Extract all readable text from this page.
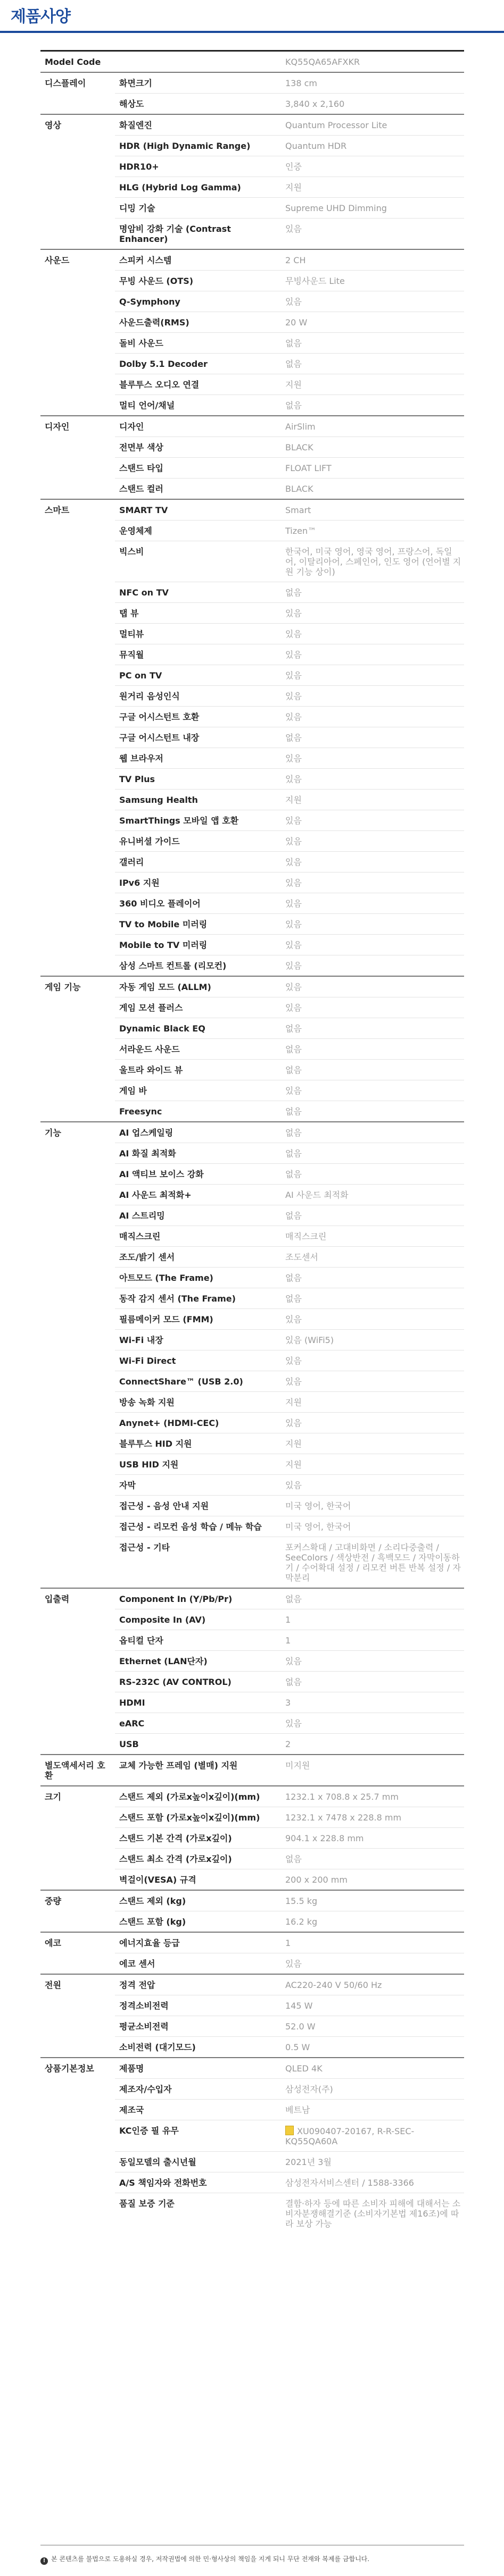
제품사양
Model Code		KQ55QA65AFXKR
디스플레이	화면크기	138 cm
	해상도	3,840 x 2,160
영상	화질엔진	Quantum Processor Lite
	HDR (High Dynamic Range)	Quantum HDR
	HDR10+	인증
	HLG (Hybrid Log Gamma)	지원
	디밍 기술	Supreme UHD Dimming
	명암비 강화 기술 (Contrast Enhancer)	있음
사운드	스피커 시스템	2 CH
	무빙 사운드 (OTS)	무빙사운드 Lite
	Q-Symphony	있음
	사운드출력(RMS)	20 W
	돌비 사운드	없음
	Dolby 5.1 Decoder	없음
	블루투스 오디오 연결	지원
	멀티 언어/채널	없음
디자인	디자인	AirSlim
	전면부 색상	BLACK
	스탠드 타입	FLOAT LIFT
	스탠드 컬러	BLACK
스마트	SMART TV	Smart
	운영체제	Tizen™
	빅스비	한국어, 미국 영어, 영국 영어, 프랑스어, 독일어, 이탈리아어, 스페인어, 인도 영어 (언어별 지원 기능 상이)
	NFC on TV	없음
	탭 뷰	있음
	멀티뷰	있음
	뮤직월	있음
	PC on TV	있음
	원거리 음성인식	있음
	구글 어시스턴트 호환	있음
	구글 어시스턴트 내장	없음
	웹 브라우저	있음
	TV Plus	있음
	Samsung Health	지원
	SmartThings 모바일 앱 호환	있음
	유니버셜 가이드	있음
	갤러리	있음
	IPv6 지원	있음
	360 비디오 플레이어	있음
	TV to Mobile 미러링	있음
	Mobile to TV 미러링	있음
	삼성 스마트 컨트롤 (리모컨)	있음
게임 기능	자동 게임 모드 (ALLM)	있음
	게임 모션 플러스	있음
	Dynamic Black EQ	없음
	서라운드 사운드	없음
	울트라 와이드 뷰	없음
	게임 바	있음
	Freesync	없음
기능	AI 업스케일링	없음
	AI 화질 최적화	없음
	AI 액티브 보이스 강화	없음
	AI 사운드 최적화+	AI 사운드 최적화
	AI 스트리밍	없음
	매직스크린	매직스크린
	조도/밝기 센서	조도센서
	아트모드 (The Frame)	없음
	동작 감지 센서 (The Frame)	없음
	필름메이커 모드 (FMM)	있음
	Wi-Fi 내장	있음 (WiFi5)
	Wi-Fi Direct	있음
	ConnectShare™ (USB 2.0)	있음
	방송 녹화 지원	지원
	Anynet+ (HDMI-CEC)	있음
	블루투스 HID 지원	지원
	USB HID 지원	지원
	자막	있음
	접근성 - 음성 안내 지원	미국 영어, 한국어
	접근성 - 리모컨 음성 학습 / 메뉴 학습	미국 영어, 한국어
	접근성 - 기타	포커스확대 / 고대비화면 / 소리다중출력 / SeeColors / 색상반전 / 흑백모드 / 자막이동하기 / 수어확대 설정 / 리모컨 버튼 반복 설정 / 자막분리
입출력	Component In (Y/Pb/Pr)	없음
	Composite In (AV)	1
	옵티컬 단자	1
	Ethernet (LAN단자)	있음
	RS-232C (AV CONTROL)	없음
	HDMI	3
	eARC	있음
	USB	2
별도액세서리 호환	교체 가능한 프레임 (별매) 지원	미지원
크기	스탠드 제외 (가로x높이x깊이)(mm)	1232.1 x 708.8 x 25.7 mm
	스탠드 포함 (가로x높이x깊이)(mm)	1232.1 x 7478 x 228.8 mm
	스탠드 기본 간격 (가로x깊이)	904.1 x 228.8 mm
	스탠드 최소 간격 (가로x깊이)	없음
	벽걸이(VESA) 규격	200 x 200 mm
중량	스탠드 제외 (kg)	15.5 kg
	스탠드 포함 (kg)	16.2 kg
에코	에너지효율 등급	1
	에코 센서	있음
전원	정격 전압	AC220-240 V 50/60 Hz
	정격소비전력	145 W
	평균소비전력	52.0 W
	소비전력 (대기모드)	0.5 W
상품기본정보	제품명	QLED 4K
	제조자/수입자	삼성전자(주)
	제조국	베트남
	KC인증 필 유무	XU090407-20167, R-R-SEC-KQ55QA60A
	동일모델의 출시년월	2021년 3월
	A/S 책임자와 전화번호	삼성전자서비스센터 / 1588-3366
	품질 보증 기준	결함·하자 등에 따른 소비자 피해에 대해서는 소비자분쟁해결기준 (소비자기본법 제16조)에 따라 보상 가능
! 본 콘텐츠를 불법으로 도용하실 경우, 저작권법에 의한 민·형사상의 책임을 지게 되니 무단 전재와 복제를 금합니다.
